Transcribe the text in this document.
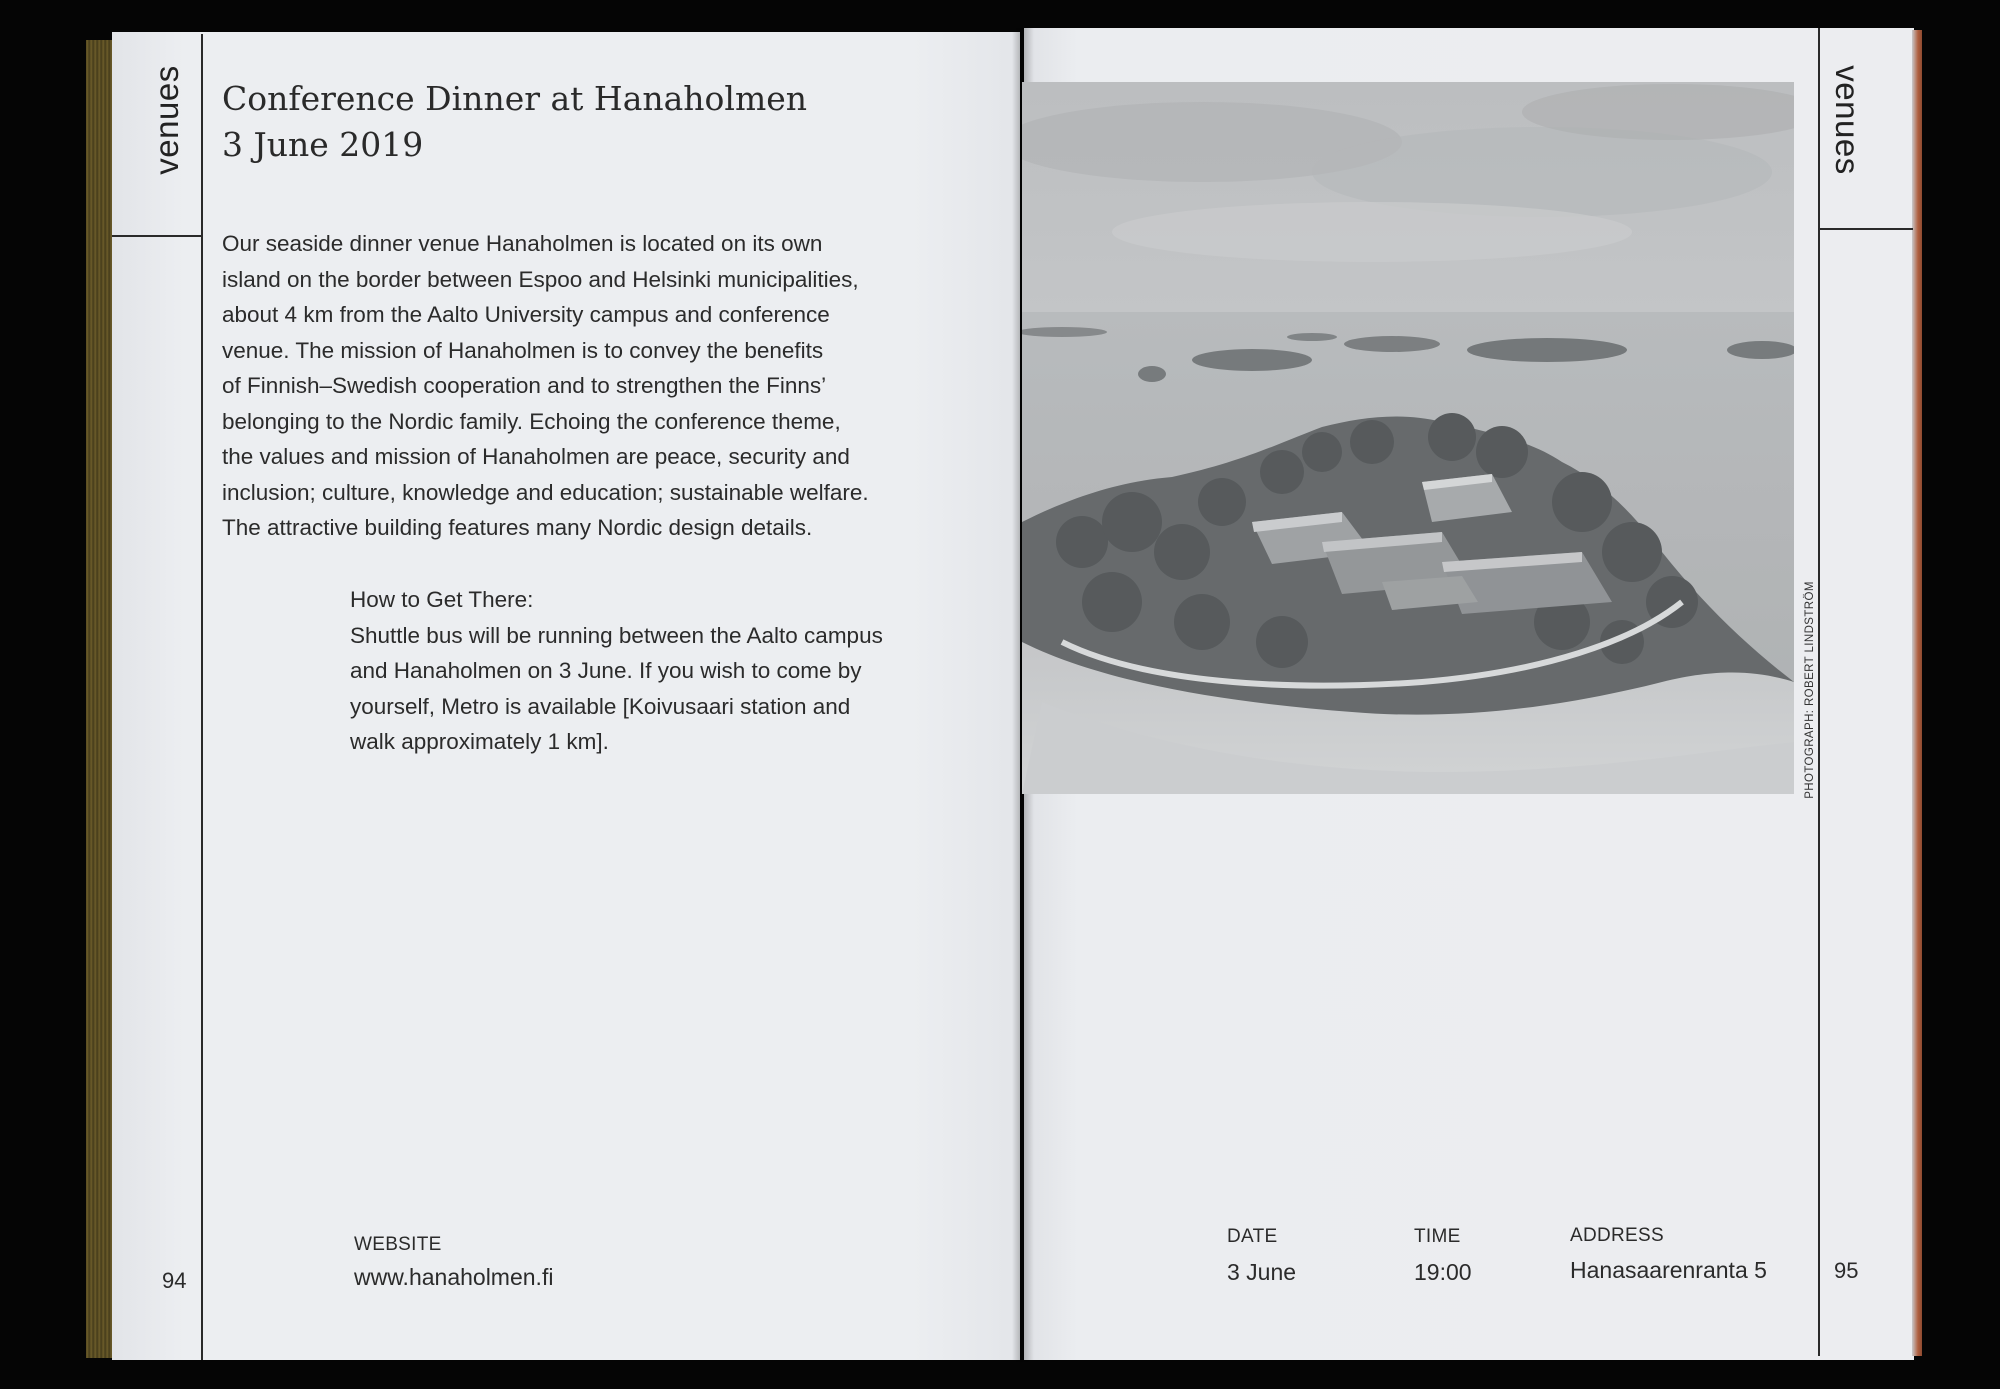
venues	venues
Conference Dinner at Hanaholmen
3 June 2019
Our seaside dinner venue Hanaholmen is located on its own
island on the border between Espoo and Helsinki municipalities,
about 4 km from the Aalto University campus and conference
venue. The mission of Hanaholmen is to convey the benefits
of Finnish–Swedish cooperation and to strengthen the Finns’
belonging to the Nordic family. Echoing the conference theme,
the values and mission of Hanaholmen are peace, security and
inclusion; culture, knowledge and education; sustainable welfare.
The attractive building features many Nordic design details.
How to Get There:
Shuttle bus will be running between the Aalto campus
and Hanaholmen on 3 June. If you wish to come by
yourself, Metro is available [Koivusaari station and
walk approximately 1 km].
WEBSITE
www.hanaholmen.fi
94
PHOTOGRAPH: ROBERT LINDSTRÖM
DATE
3 June
TIME
19:00
ADDRESS
Hanasaarenranta 5	95
